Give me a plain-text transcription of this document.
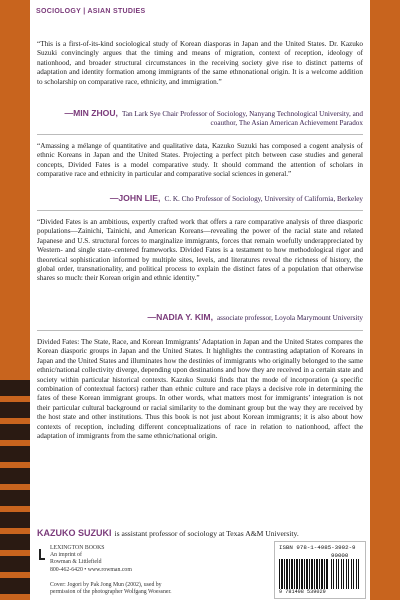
SOCIOLOGY | ASIAN STUDIES
“This is a first-of-its-kind sociological study of Korean diasporas in Japan and the United States. Dr. Kazuko Suzuki convincingly argues that the timing and means of migration, context of reception, ideology of nationhood, and broader structural circumstances in the receiving society give rise to distinct patterns of adaptation and identity formation among immigrants of the same ethnonational origin. It is a welcome addition to scholarship on comparative race, ethnicity, and immigration.”
—MIN ZHOU, Tan Lark Sye Chair Professor of Sociology, Nanyang Technological University, and coauthor, The Asian American Achievement Paradox
“Amassing a mélange of quantitative and qualitative data, Kazuko Suzuki has composed a cogent analysis of ethnic Koreans in Japan and the United States. Projecting a perfect pitch between case studies and general concepts, Divided Fates is a model comparative study. It should command the attention of scholars in comparative race and ethnicity in particular and comparative social sciences in general.”
—JOHN LIE, C. K. Cho Professor of Sociology, University of California, Berkeley
“Divided Fates is an ambitious, expertly crafted work that offers a rare comparative analysis of three diasporic populations—Zainichi, Tainichi, and American Koreans—revealing the power of the racial state and related Japanese and U.S. structural forces to marginalize immigrants, forces that remain woefully underappreciated by Western- and single state–centered frameworks. Divided Fates is a testament to how methodological rigor and theoretical sophistication informed by multiple sites, levels, and literatures reveal the richness of history, the global order, transnationality, and political process to explain the distinct fates of a population that otherwise shares so much: their Korean origin and ethnic identity.”
—NADIA Y. KIM, associate professor, Loyola Marymount University
Divided Fates: The State, Race, and Korean Immigrants’ Adaptation in Japan and the United States compares the Korean diasporic groups in Japan and the United States. It highlights the contrasting adaptation of Koreans in Japan and the United States and illuminates how the destinies of immigrants who originally belonged to the same ethnic/national collectivity diverge, depending upon destinations and how they are received in a certain state and society within particular historical contexts. Kazuko Suzuki finds that the mode of incorporation (a specific combination of contextual factors) rather than ethnic culture and race plays a decisive role in determining the fates of these Korean immigrant groups. In other words, what matters most for immigrants’ integration is not their particular cultural background or racial similarity to the dominant group but the way they are received by the host state and other institutions. Thus this book is not just about Korean immigrants; it is also about how contexts of reception, including different conceptualizations of race in relation to nationhood, affect the adaptation of immigrants from the same ethnic/national origin.
KAZUKO SUZUKI is assistant professor of sociology at Texas A&M University.
LEXINGTON BOOKS
An imprint of
Rowman & Littlefield
800-462-6420 • www.rowman.com
Cover: Jogori by Pak Jong Mun (2002), used by
permission of the photographer Wolfgang Woessner.
ISBN 978-1-4985-3902-9
90000
9 781498 539029
